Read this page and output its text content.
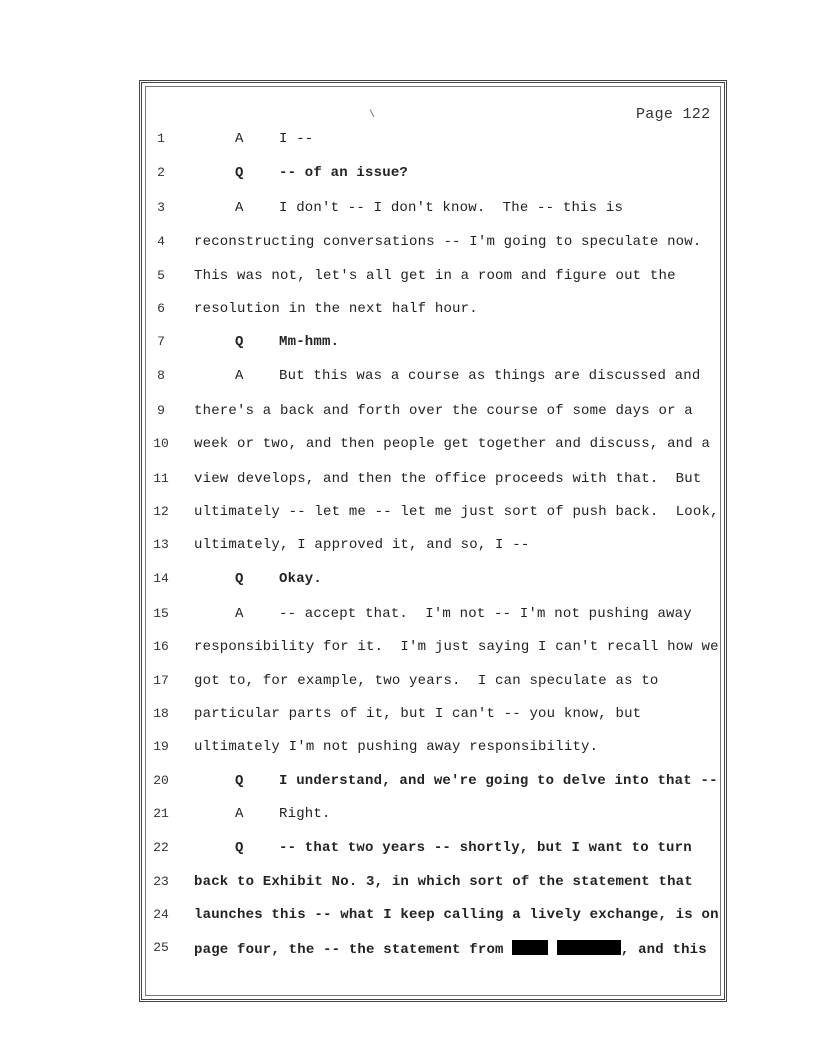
\	Page 122
1	A	I --
2	Q	-- of an issue?
3	A	I don't -- I don't know.  The -- this is
4	reconstructing conversations -- I'm going to speculate now.
5	This was not, let's all get in a room and figure out the
6	resolution in the next half hour.
7	Q	Mm-hmm.
8	A	But this was a course as things are discussed and
9	there's a back and forth over the course of some days or a
10 week or two, and then people get together and discuss, and a
11 view develops, and then the office proceeds with that.  But
12 ultimately -- let me -- let me just sort of push back.  Look,
13 ultimately, I approved it, and so, I --
14	Q	Okay.
15	A	-- accept that.  I'm not -- I'm not pushing away
16 responsibility for it.  I'm just saying I can't recall how we
17 got to, for example, two years.  I can speculate as to
18 particular parts of it, but I can't -- you know, but
19 ultimately I'm not pushing away responsibility.
20	Q	I understand, and we're going to delve into that --
21	A	Right.
22	Q	-- that two years -- shortly, but I want to turn
23 back to Exhibit No. 3, in which sort of the statement that
24 launches this -- what I keep calling a lively exchange, is on
25 page four, the -- the statement from	, and this
